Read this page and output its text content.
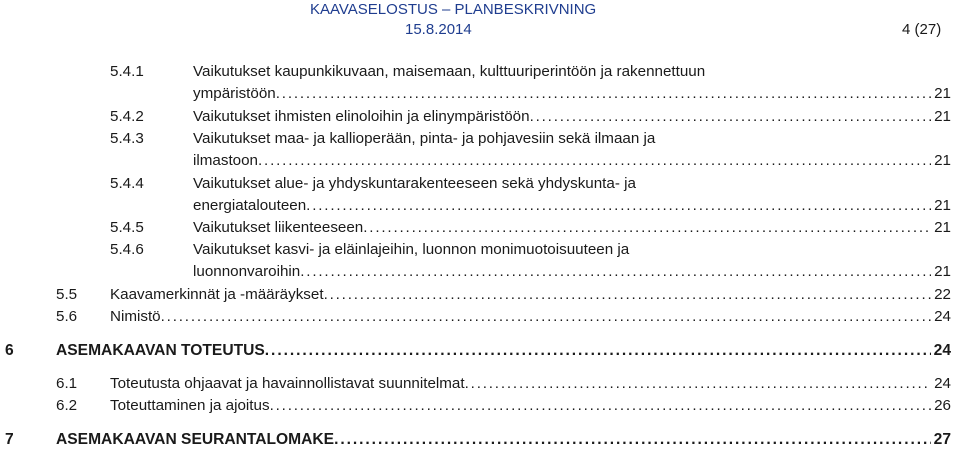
KAAVASELOSTUS – PLANBESKRIVNING
15.8.2014	4 (27)
5.4.1	Vaikutukset kaupunkikuvaan, maisemaan, kulttuuriperintöön ja rakennettuun
ympäristöön . . .	21
5.4.2	Vaikutukset ihmisten elinoloihin ja elinympäristöön . . .	21
5.4.3	Vaikutukset maa- ja kallioperään, pinta- ja pohjavesiin sekä ilmaan ja
ilmastoon . . .	21
5.4.4	Vaikutukset alue- ja yhdyskuntarakenteeseen sekä yhdyskunta- ja
energiatalouteen . . .	21
5.4.5	Vaikutukset liikenteeseen . . .	21
5.4.6	Vaikutukset kasvi- ja eläinlajeihin, luonnon monimuotoisuuteen ja
luonnonvaroihin . . .	21
5.5 Kaavamerkinnät ja -määräykset . . .	22
5.6 Nimistö . . .	24
6	ASEMAKAAVAN TOTEUTUS . . .	24
6.1 Toteutusta ohjaavat ja havainnollistavat suunnitelmat . . .	24
6.2 Toteuttaminen ja ajoitus . . .	26
7	ASEMAKAAVAN SEURANTALOMAKE . . .	27
